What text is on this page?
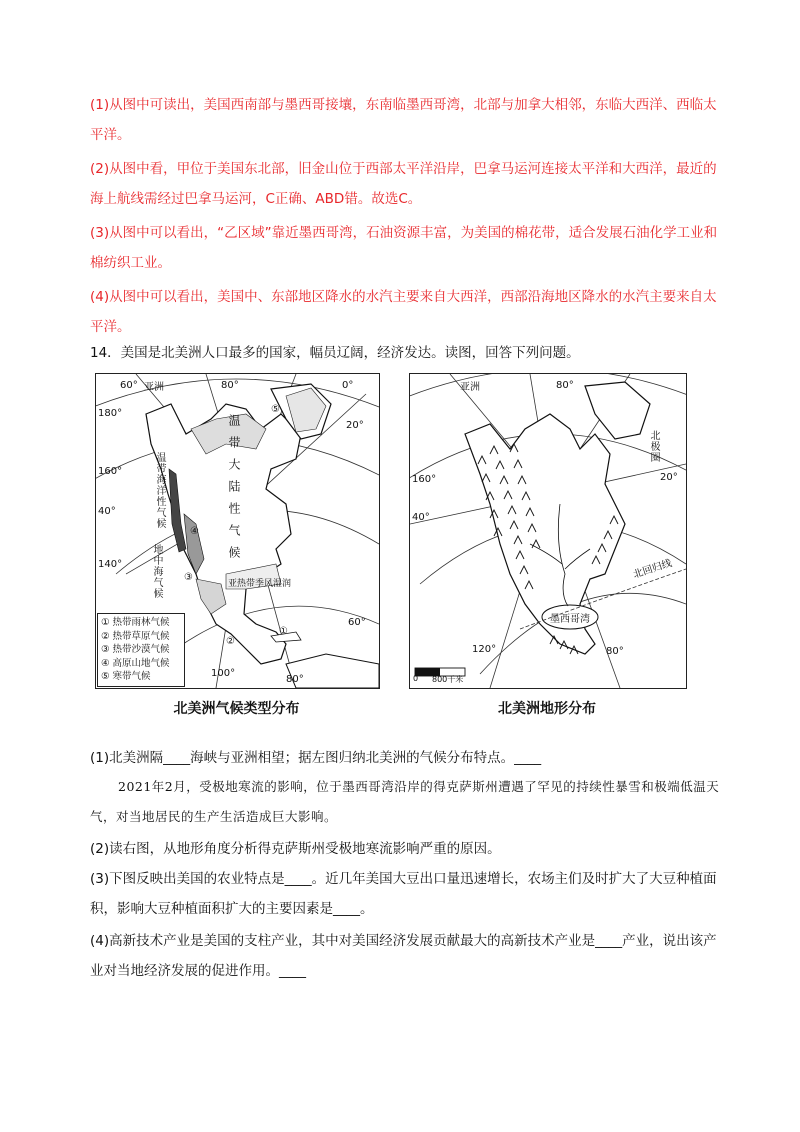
(1)从图中可读出，美国西南部与墨西哥接壤，东南临墨西哥湾，北部与加拿大相邻，东临大西洋、西临太平洋。
(2)从图中看，甲位于美国东北部，旧金山位于西部太平洋沿岸，巴拿马运河连接太平洋和大西洋，最近的海上航线需经过巴拿马运河，C正确、ABD错。故选C。
(3)从图中可以看出，“乙区域”靠近墨西哥湾，石油资源丰富，为美国的棉花带，适合发展石油化学工业和棉纺织工业。
(4)从图中可以看出，美国中、东部地区降水的水汽主要来自大西洋，西部沿海地区降水的水汽主要来自太平洋。
14．美国是北美洲人口最多的国家，幅员辽阔，经济发达。读图，回答下列问题。
亚洲
60°	80°	0°
180°
20°
160°
40°
140°
100°
80°
60°
温带大陆性气候
温带海洋性气候
地中海气候	亚热带季风湿润
①
②
③
④
⑤
① 热带雨林气候
② 热带草原气候
③ 热带沙漠气候
④ 高原山地气候
⑤ 寒带气候
北美洲气候类型分布
亚洲	80°
160°
40°
20°
北极圈
墨西哥湾
北回归线
120°	80°
0 800千米
北美洲地形分布
(1)北美洲隔____海峡与亚洲相望；据左图归纳北美洲的气候分布特点。____
2021年2月，受极地寒流的影响，位于墨西哥湾沿岸的得克萨斯州遭遇了罕见的持续性暴雪和极端低温天气，对当地居民的生产生活造成巨大影响。
(2)读右图，从地形角度分析得克萨斯州受极地寒流影响严重的原因。
(3)下图反映出美国的农业特点是____。近几年美国大豆出口量迅速增长，农场主们及时扩大了大豆种植面积，影响大豆种植面积扩大的主要因素是____。
(4)高新技术产业是美国的支柱产业，其中对美国经济发展贡献最大的高新技术产业是____产业，说出该产业对当地经济发展的促进作用。____
